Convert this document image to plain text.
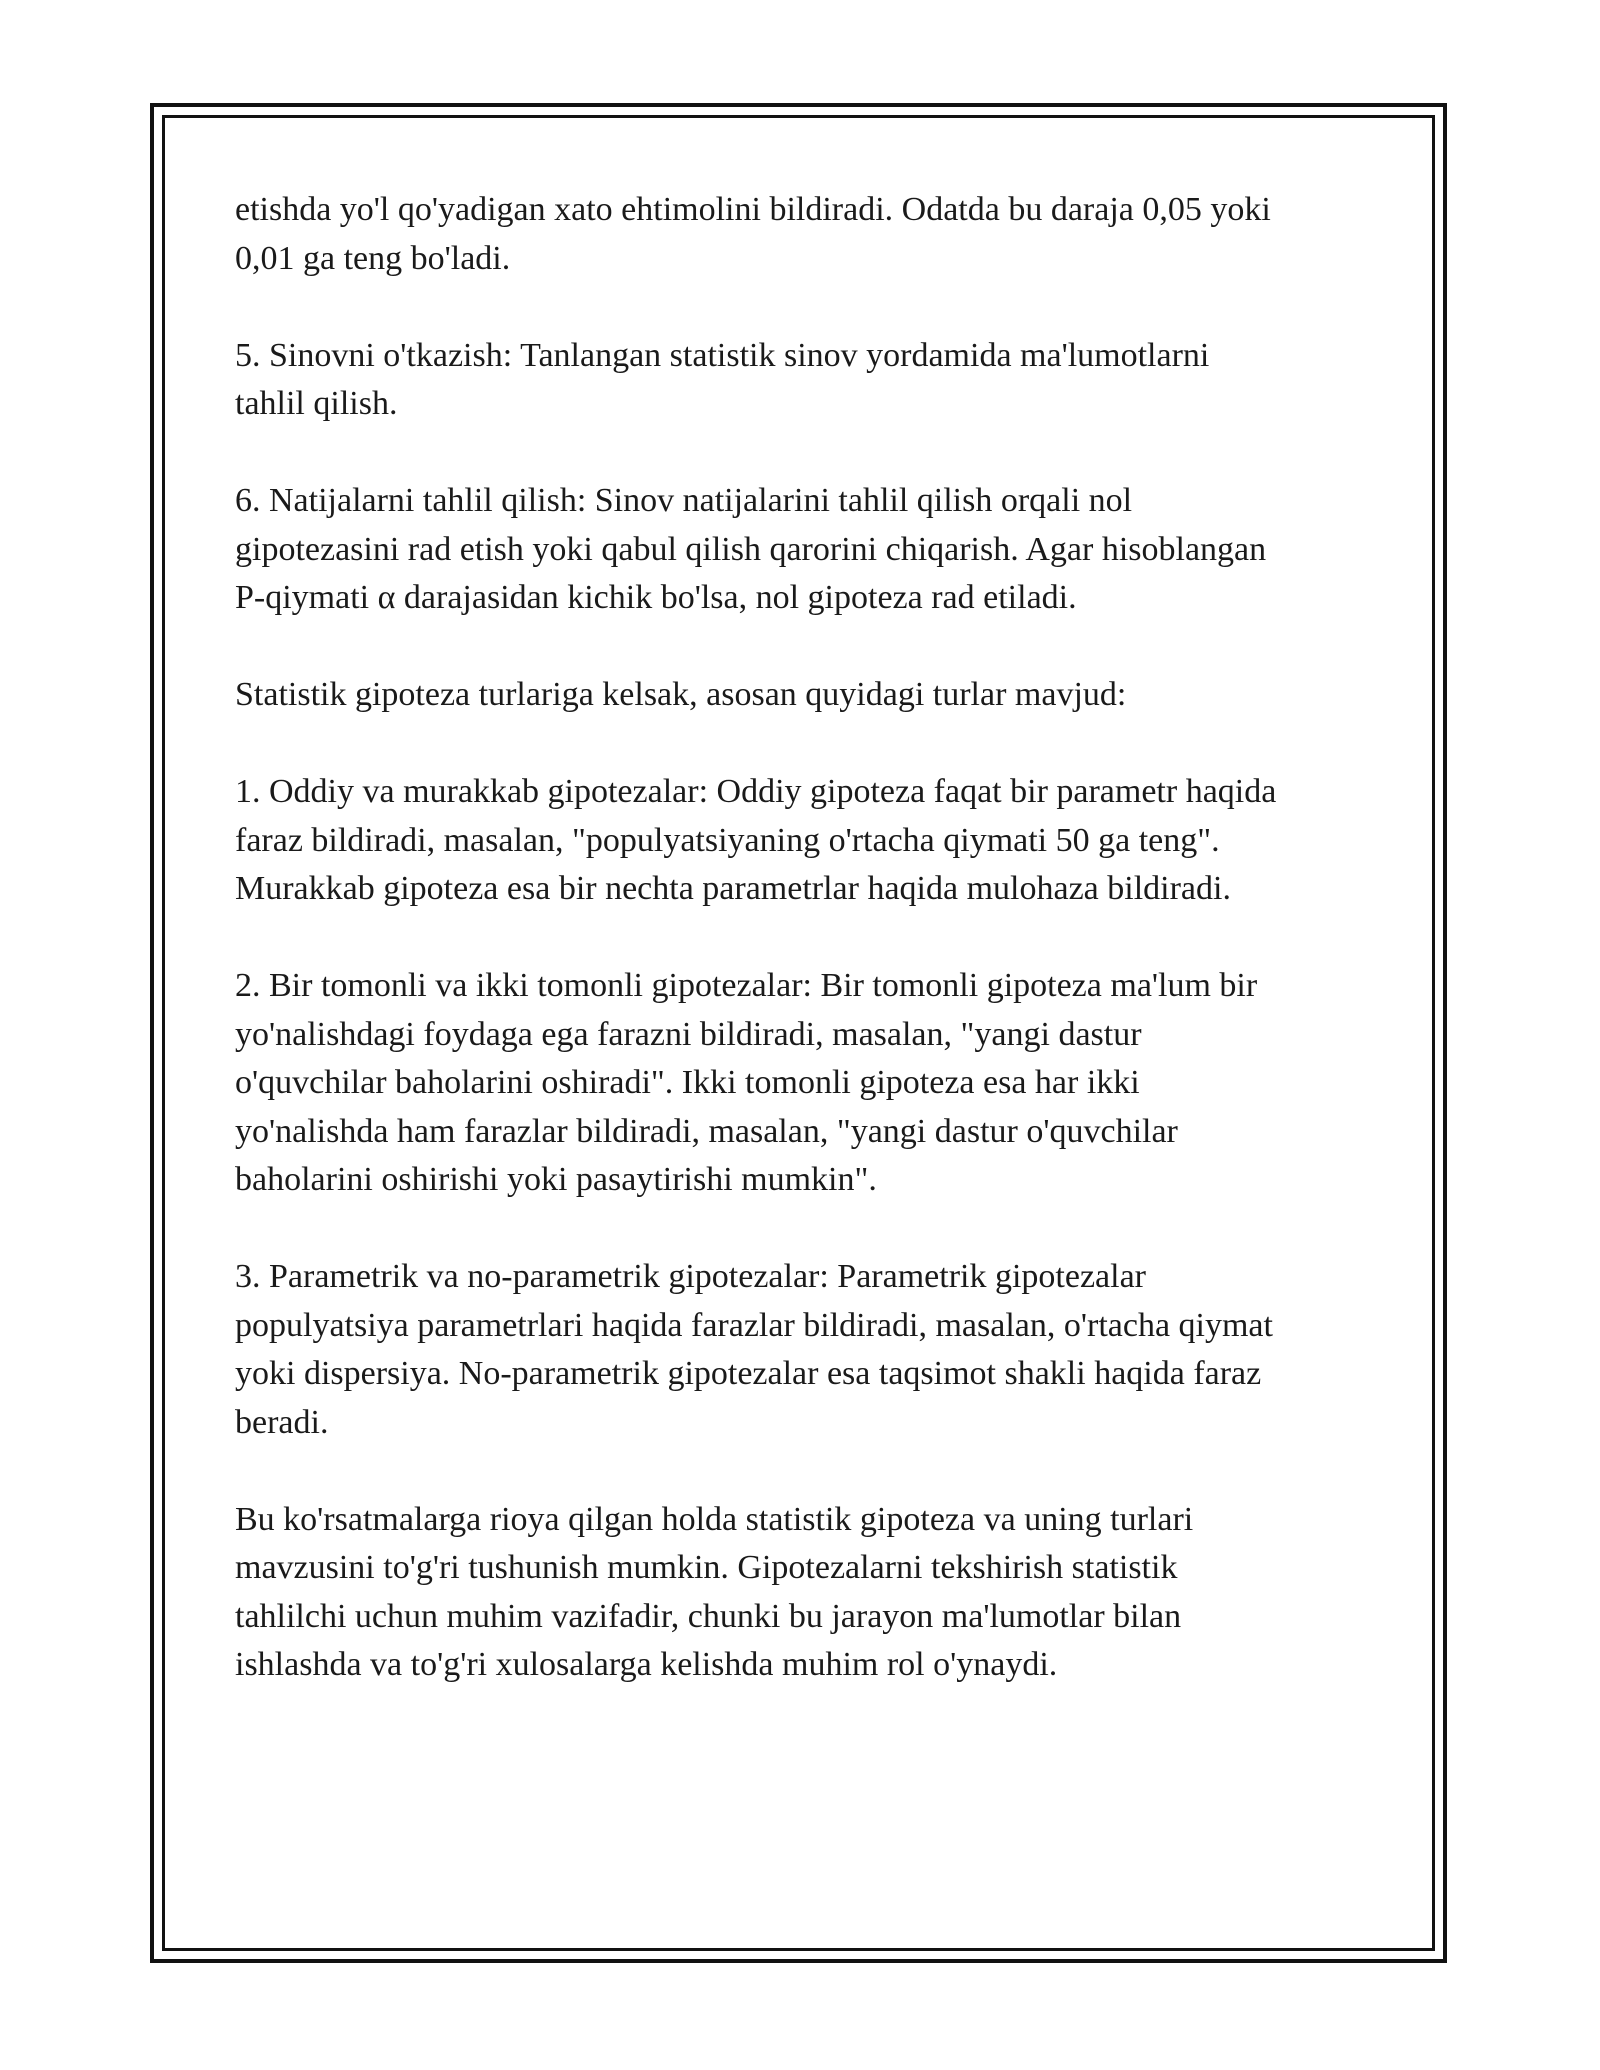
etishda yo'l qo'yadigan xato ehtimolini bildiradi. Odatda bu daraja 0,05 yoki
0,01 ga teng bo'ladi.

5. Sinovni o'tkazish: Tanlangan statistik sinov yordamida ma'lumotlarni
tahlil qilish.

6. Natijalarni tahlil qilish: Sinov natijalarini tahlil qilish orqali nol
gipotezasini rad etish yoki qabul qilish qarorini chiqarish. Agar hisoblangan
P-qiymati α darajasidan kichik bo'lsa, nol gipoteza rad etiladi.

Statistik gipoteza turlariga kelsak, asosan quyidagi turlar mavjud:

1. Oddiy va murakkab gipotezalar: Oddiy gipoteza faqat bir parametr haqida
faraz bildiradi, masalan, "populyatsiyaning o'rtacha qiymati 50 ga teng".
Murakkab gipoteza esa bir nechta parametrlar haqida mulohaza bildiradi.

2. Bir tomonli va ikki tomonli gipotezalar: Bir tomonli gipoteza ma'lum bir
yo'nalishdagi foydaga ega farazni bildiradi, masalan, "yangi dastur
o'quvchilar baholarini oshiradi". Ikki tomonli gipoteza esa har ikki
yo'nalishda ham farazlar bildiradi, masalan, "yangi dastur o'quvchilar
baholarini oshirishi yoki pasaytirishi mumkin".

3. Parametrik va no-parametrik gipotezalar: Parametrik gipotezalar
populyatsiya parametrlari haqida farazlar bildiradi, masalan, o'rtacha qiymat
yoki dispersiya. No-parametrik gipotezalar esa taqsimot shakli haqida faraz
beradi.

Bu ko'rsatmalarga rioya qilgan holda statistik gipoteza va uning turlari
mavzusini to'g'ri tushunish mumkin. Gipotezalarni tekshirish statistik
tahlilchi uchun muhim vazifadir, chunki bu jarayon ma'lumotlar bilan
ishlashda va to'g'ri xulosalarga kelishda muhim rol o'ynaydi.
